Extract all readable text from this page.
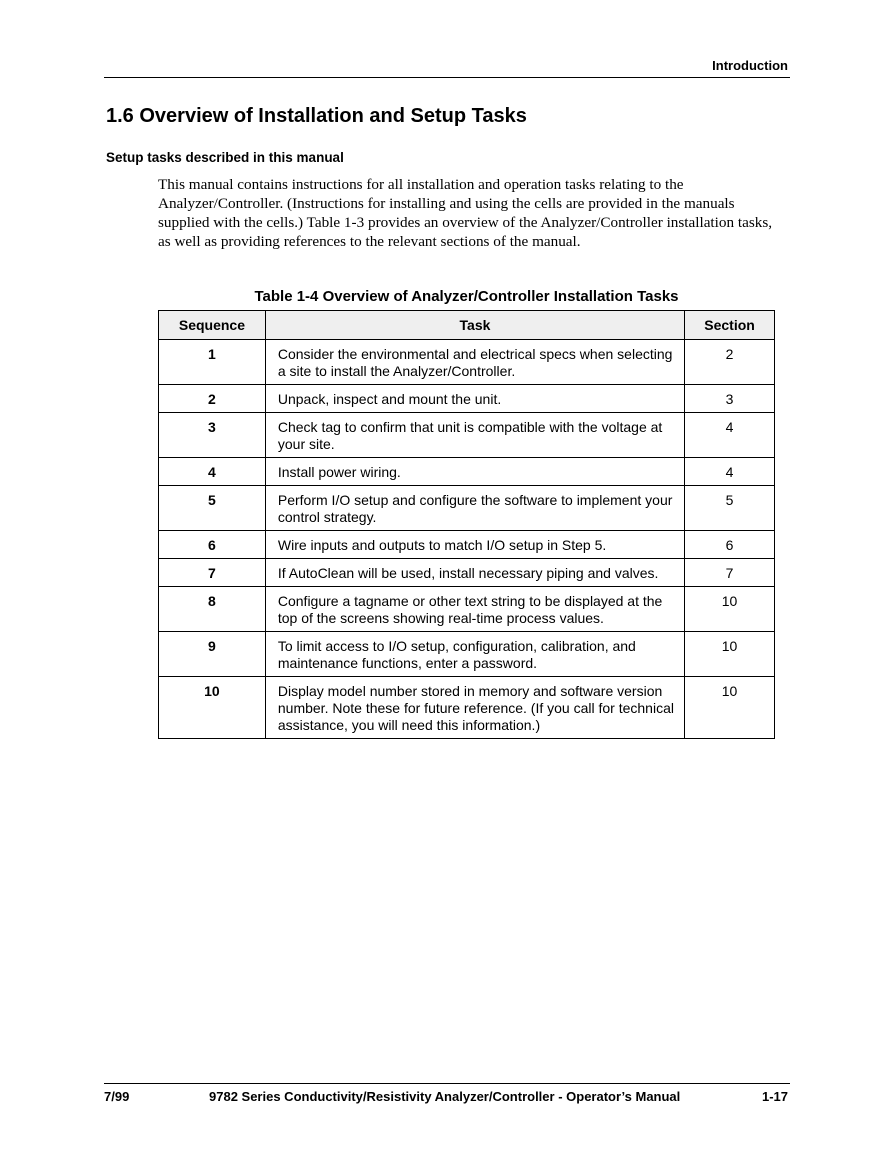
Introduction
1.6 Overview of Installation and Setup Tasks
Setup tasks described in this manual

This manual contains instructions for all installation and operation tasks relating to the Analyzer/Controller. (Instructions for installing and using the cells are provided in the manuals supplied with the cells.) Table 1-3 provides an overview of the Analyzer/Controller installation tasks, as well as providing references to the relevant sections of the manual.

Table 1-4 Overview of Analyzer/Controller Installation Tasks
Sequence	Task	Section
1	Consider the environmental and electrical specs when selecting a site to install the Analyzer/Controller.	2
2	Unpack, inspect and mount the unit.	3
3	Check tag to confirm that unit is compatible with the voltage at your site.	4
4	Install power wiring.	4
5	Perform I/O setup and configure the software to implement your control strategy.	5
6	Wire inputs and outputs to match I/O setup in Step 5.	6
7	If AutoClean will be used, install necessary piping and valves.	7
8	Configure a tagname or other text string to be displayed at the top of the screens showing real-time process values.	10
9	To limit access to I/O setup, configuration, calibration, and maintenance functions, enter a password.	10
10	Display model number stored in memory and software version number. Note these for future reference. (If you call for technical assistance, you will need this information.)	10
7/99	9782 Series Conductivity/Resistivity Analyzer/Controller - Operator’s Manual	1-17
